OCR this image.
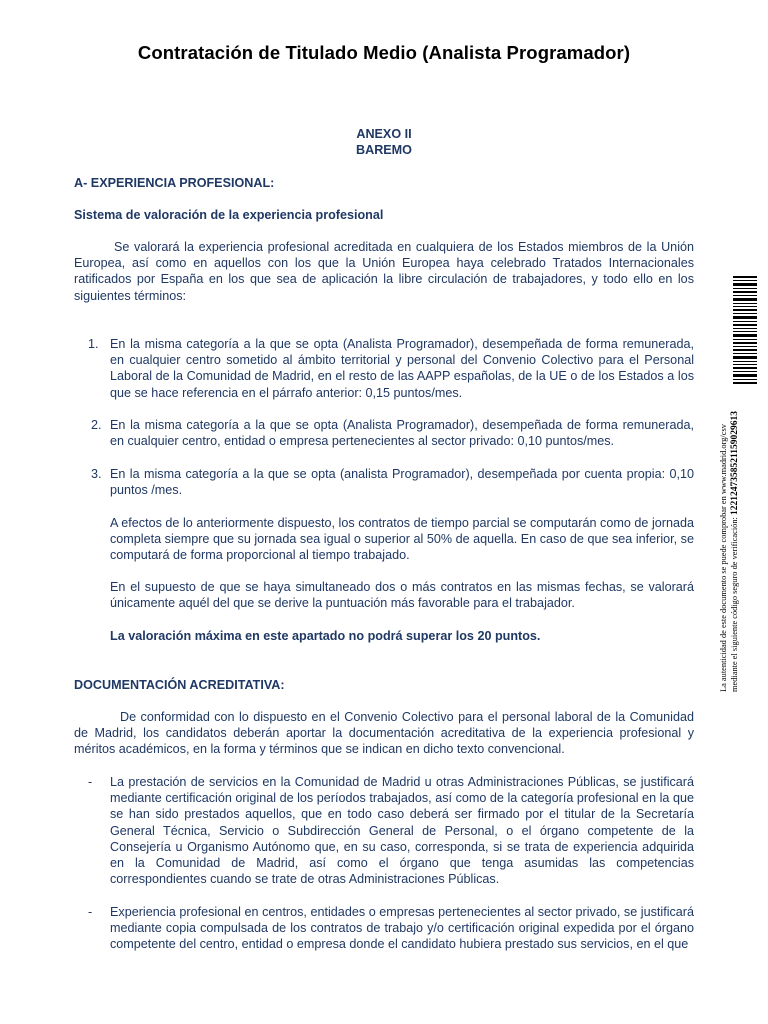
Contratación de Titulado Medio (Analista Programador)
ANEXO II
BAREMO
A- EXPERIENCIA PROFESIONAL:
Sistema de valoración de la experiencia profesional
Se valorará la experiencia profesional acreditada en cualquiera de los Estados miembros de la Unión Europea, así como en aquellos con los que la Unión Europea haya celebrado Tratados Internacionales ratificados por España en los que sea de aplicación la libre circulación de trabajadores, y todo ello en los siguientes términos:
1. En la misma categoría a la que se opta (Analista Programador), desempeñada de forma remunerada, en cualquier centro sometido al ámbito territorial y personal del Convenio Colectivo para el Personal Laboral de la Comunidad de Madrid, en el resto de las AAPP españolas, de la UE o de los Estados a los que se hace referencia en el párrafo anterior: 0,15 puntos/mes.
2. En la misma categoría a la que se opta (Analista Programador), desempeñada de forma remunerada, en cualquier centro, entidad o empresa pertenecientes al sector privado: 0,10 puntos/mes.
3. En la misma categoría a la que se opta (analista Programador), desempeñada por cuenta propia: 0,10 puntos /mes.
A efectos de lo anteriormente dispuesto, los contratos de tiempo parcial se computarán como de jornada completa siempre que su jornada sea igual o superior al 50% de aquella. En caso de que sea inferior, se computará de forma proporcional al tiempo trabajado.
En el supuesto de que se haya simultaneado dos o más contratos en las mismas fechas, se valorará únicamente aquél del que se derive la puntuación más favorable para el trabajador.
La valoración máxima en este apartado no podrá superar los 20 puntos.
DOCUMENTACIÓN ACREDITATIVA:
De conformidad con lo dispuesto en el Convenio Colectivo para el personal laboral de la Comunidad de Madrid, los candidatos deberán aportar la documentación acreditativa de la experiencia profesional y méritos académicos, en la forma y términos que se indican en dicho texto convencional.
-	La prestación de servicios en la Comunidad de Madrid u otras Administraciones Públicas, se justificará mediante certificación original de los períodos trabajados, así como de la categoría profesional en la que se han sido prestados aquellos, que en todo caso deberá ser firmado por el titular de la Secretaría General Técnica, Servicio o Subdirección General de Personal, o el órgano competente de la Consejería u Organismo Autónomo que, en su caso, corresponda, si se trata de experiencia adquirida en la Comunidad de Madrid, así como el órgano que tenga asumidas las competencias correspondientes cuando se trate de otras Administraciones Públicas.
-	Experiencia profesional en centros, entidades o empresas pertenecientes al sector privado, se justificará mediante copia compulsada de los contratos de trabajo y/o certificación original expedida por el órgano competente del centro, entidad o empresa donde el candidato hubiera prestado sus servicios, en el que
La autenticidad de este documento se puede comprobar en www.madrid.org/csv mediante el siguiente código seguro de verificación: 1221247358521159029613
